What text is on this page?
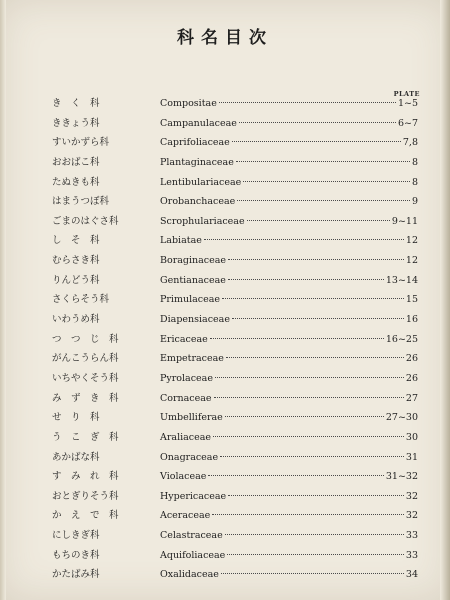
科名目次
PLATE
き　く　科	Compositae	1~5
ききょう科	Campanulaceae	6~7
すいかずら科	Caprifoliaceae	7,8
おおばこ科	Plantaginaceae	8
たぬきも科	Lentibulariaceae	8
はまうつぼ科	Orobanchaceae	9
ごまのはぐさ科	Scrophulariaceae	9~11
し　そ　科	Labiatae	12
むらさき科	Boraginaceae	12
りんどう科	Gentianaceae	13~14
さくらそう科	Primulaceae	15
いわうめ科	Diapensiaceae	16
つ　つ　じ　科	Ericaceae	16~25
がんこうらん科	Empetraceae	26
いちやくそう科	Pyrolaceae	26
み　ず　き　科	Cornaceae	27
せ　り　科	Umbelliferae	27~30
う　こ　ぎ　科	Araliaceae	30
あかばな科	Onagraceae	31
す　み　れ　科	Violaceae	31~32
おとぎりそう科	Hypericaceae	32
か　え　で　科	Aceraceae	32
にしきぎ科	Celastraceae	33
もちのき科	Aquifoliaceae	33
かたばみ科	Oxalidaceae	34
